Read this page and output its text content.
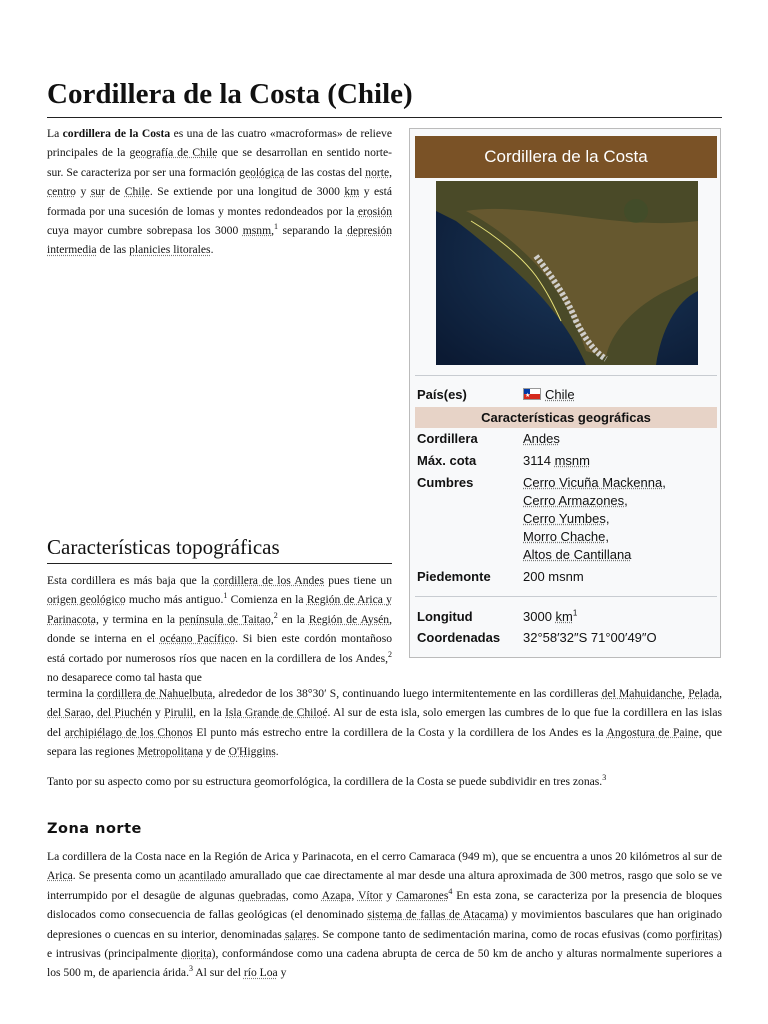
Cordillera de la Costa (Chile)

La cordillera de la Costa es una de las cuatro «macroformas» de relieve principales de la geografía de Chile que se desarrollan en sentido norte-sur. Se caracteriza por ser una formación geológica de las costas del norte, centro y sur de Chile. Se extiende por una longitud de 3000 km y está formada por una sucesión de lomas y montes redondeados por la erosión cuya mayor cumbre sobrepasa los 3000 msnm,$^1$ separando la depresión intermedia de las planicies litorales.

Características topográficas

Esta cordillera es más baja que la cordillera de los Andes pues tiene un origen geológico mucho más antiguo.$^1$ Comienza en la Región de Arica y Parinacota, y termina en la península de Taitao,$^2$ en la Región de Aysén, donde se interna en el océano Pacífico. Si bien este cordón montañoso está cortado por numerosos ríos que nacen en la cordillera de los Andes,$^2$ no desaparece como tal hasta que

termina la cordillera de Nahuelbuta, alrededor de los 38°30′ S, continuando luego intermitentemente en las cordilleras del Mahuidanche, Pelada, del Sarao, del Piuchén y Pirulil, en la Isla Grande de Chiloé. Al sur de esta isla, solo emergen las cumbres de lo que fue la cordillera en las islas del archipiélago de los Chonos El punto más estrecho entre la cordillera de la Costa y la cordillera de los Andes es la Angostura de Paine, que separa las regiones Metropolitana y de O'Higgins.

Tanto por su aspecto como por su estructura geomorfológica, la cordillera de la Costa se puede subdividir en tres zonas.$^3$

Zona norte

La cordillera de la Costa nace en la Región de Arica y Parinacota, en el cerro Camaraca (949 m), que se encuentra a unos 20 kilómetros al sur de Arica. Se presenta como un acantilado amurallado que cae directamente al mar desde una altura aproximada de 300 metros, rasgo que solo se ve interrumpido por el desagüe de algunas quebradas, como Azapa, Vítor y Camarones$^4$ En esta zona, se caracteriza por la presencia de bloques dislocados como consecuencia de fallas geológicas (el denominado sistema de fallas de Atacama) y movimientos basculares que han originado depresiones o cuencas en su interior, denominadas salares. Se compone tanto de sedimentación marina, como de rocas efusivas (como porfiritas) e intrusivas (principalmente diorita), conformándose como una cadena abrupta de cerca de 50 km de ancho y alturas normalmente superiores a los 500 m, de apariencia árida.$^3$ Al sur del río Loa y

Cordillera de la Costa
País(es)	★ Chile
Características geográficas
Cordillera	Andes
Máx. cota	3114 msnm
Cumbres	Cerro Vicuña Mackenna,
Cerro Armazones,
Cerro Yumbes,
Morro Chache,
Altos de Cantillana
Piedemonte 200 msnm
Longitud	3000 $km^1$
Coordenadas 32°58′32″S 71°00′49″O
